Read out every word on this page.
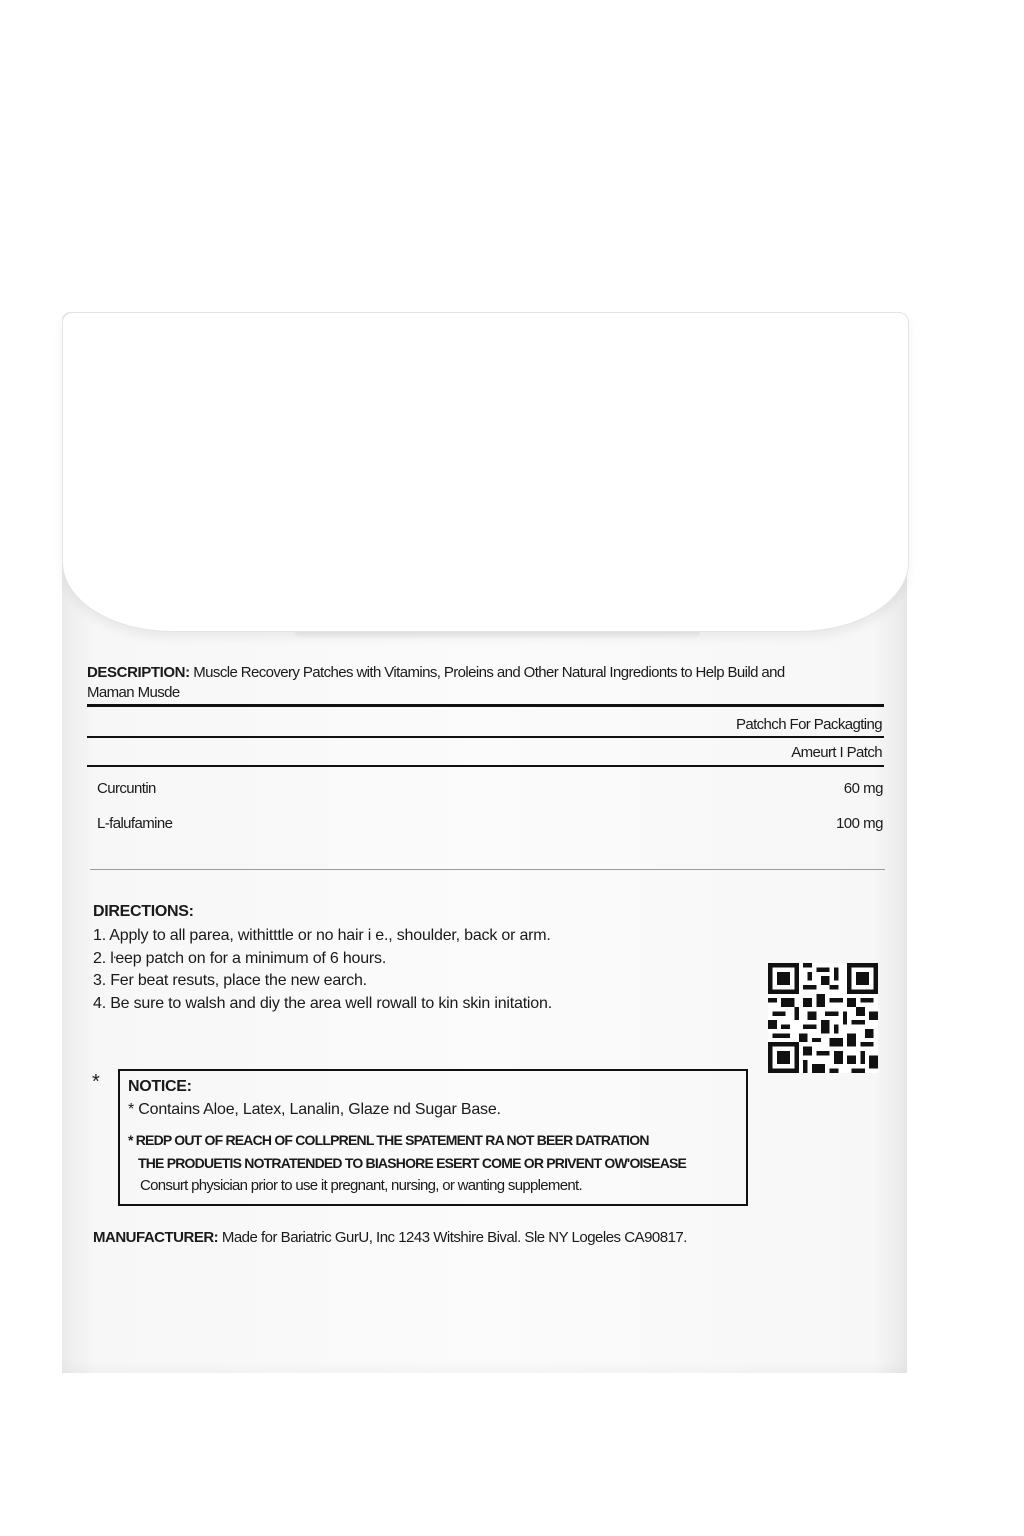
DESCRIPTION: Muscle Recovery Patches with Vitamins, Proleins and Other Natural Ingredionts to Help Build and
Maman Musde
Patchch For Packagting
Ameurt I Patch
Curcuntin	60 mg
L-falufamine	100 mg
DIRECTIONS:
1. Apply to all parea, withitttle or no hair i e., shoulder, back or arm.
2. ŀeep patch on for a minimum of 6 hours.
3. Fer beat resuts, place the new earch.
4. Be sure to walsh and diy the area well rowall to kin skin initation.
* NOTICE:
* Contains Aloe, Latex, Lanalin, Glaze nd Sugar Base.
* REDP OUT OF REACH OF COLLPRENL THE SPATEMENT RA NOT BEER DATRATION
THE PRODUETIS NOTRATENDED TO BIASHORE ESERT COME OR PRIVENT OW'OISEASE
Consurt physician prior to use it pregnant, nursing, or wanting supplement.
MANUFACTURER: Made for Bariatric GurU, Inc 1243 Witshire Bival. Sle NY Logeles CA90817.
